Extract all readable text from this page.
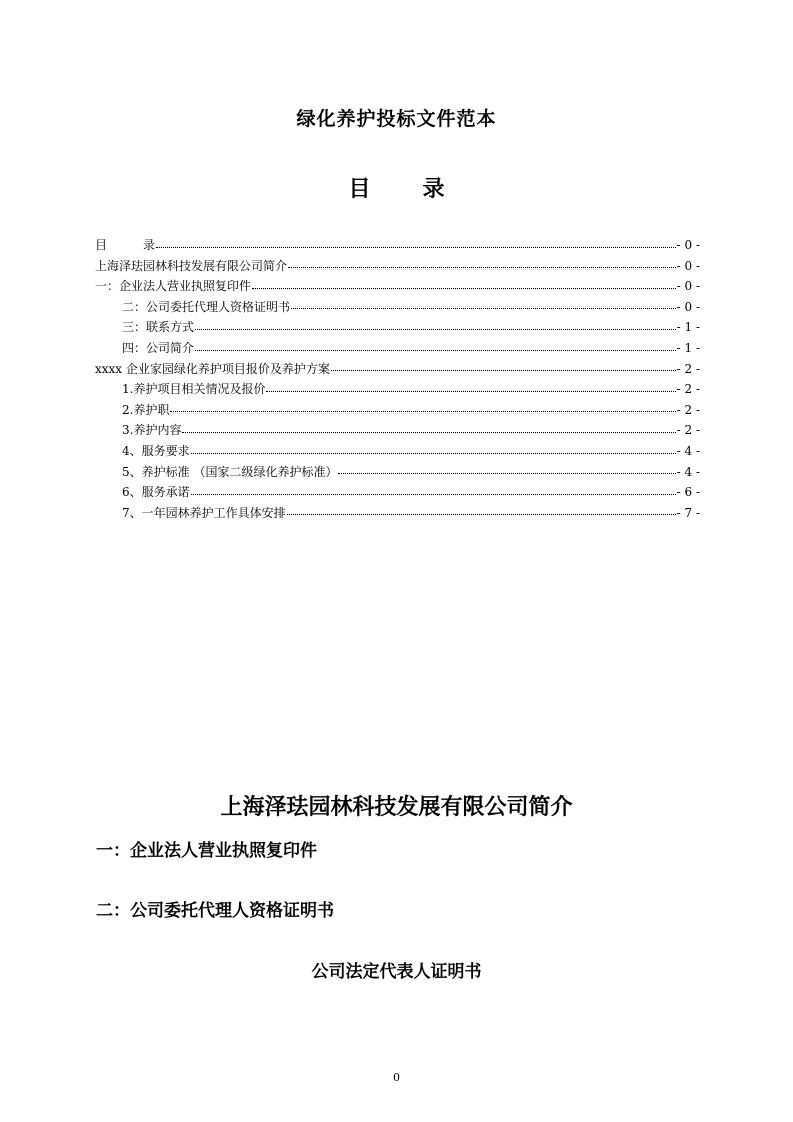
绿化养护投标文件范本
目 录
目	录	- 0 -
上海泽珐园林科技发展有限公司简介	- 0 -
一：企业法人营业执照复印件	- 0 -
二：公司委托代理人资格证明书	- 0 -
三：联系方式	- 1 -
四：公司简介	- 1 -
xxxx 企业家园绿化养护项目报价及养护方案	- 2 -
1.养护项目相关情况及报价	- 2 -
2.养护职	- 2 -
3.养护内容	- 2 -
4、服务要求	- 4 -
5、养护标准 （国家二级绿化养护标准）	- 4 -
6、服务承诺	- 6 -
7、一年园林养护工作具体安排	- 7 -
上海泽珐园林科技发展有限公司简介
一：企业法人营业执照复印件
二：公司委托代理人资格证明书
公司法定代表人证明书
0
